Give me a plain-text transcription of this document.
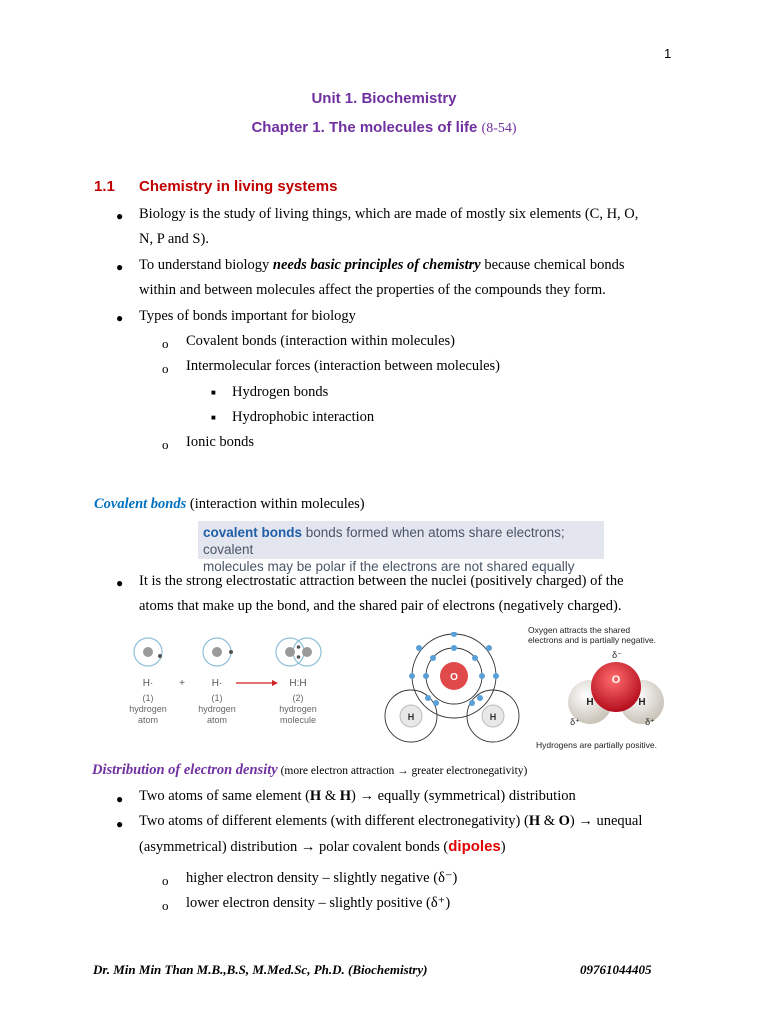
1
Unit 1. Biochemistry
Chapter 1. The molecules of life (8-54)
1.1 Chemistry in living systems
● Biology is the study of living things, which are made of mostly six elements (C, H, O,
N, P and S).
● To understand biology needs basic principles of chemistry because chemical bonds
within and between molecules affect the properties of the compounds they form.
● Types of bonds important for biology
o Covalent bonds (interaction within molecules)
o Intermolecular forces (interaction between molecules)
■ Hydrogen bonds
■ Hydrophobic interaction
o Ionic bonds
Covalent bonds (interaction within molecules)
covalent bonds bonds formed when atoms share electrons; covalent
molecules may be polar if the electrons are not shared equally
● It is the strong electrostatic attraction between the nuclei (positively charged) of the
atoms that make up the bond, and the shared pair of electrons (negatively charged).
H·	+	H·	H:H
(1)
hydrogen
atom
(1)
hydrogen
atom
(2)
hydrogen
molecule
O
H	H
Oxygen attracts the shared
electrons and is partially negative.
δ⁻
O
H	H
δ⁺	δ⁺
Hydrogens are partially positive.
Distribution of electron density (more electron attraction → greater electronegativity)
● Two atoms of same element (H & H) → equally (symmetrical) distribution
● Two atoms of different elements (with different electronegativity) (H & O) → unequal
(asymmetrical) distribution → polar covalent bonds (dipoles)
o higher electron density – slightly negative (δ⁻)
o lower electron density – slightly positive (δ⁺)
Dr. Min Min Than M.B.,B.S, M.Med.Sc, Ph.D. (Biochemistry)	09761044405
